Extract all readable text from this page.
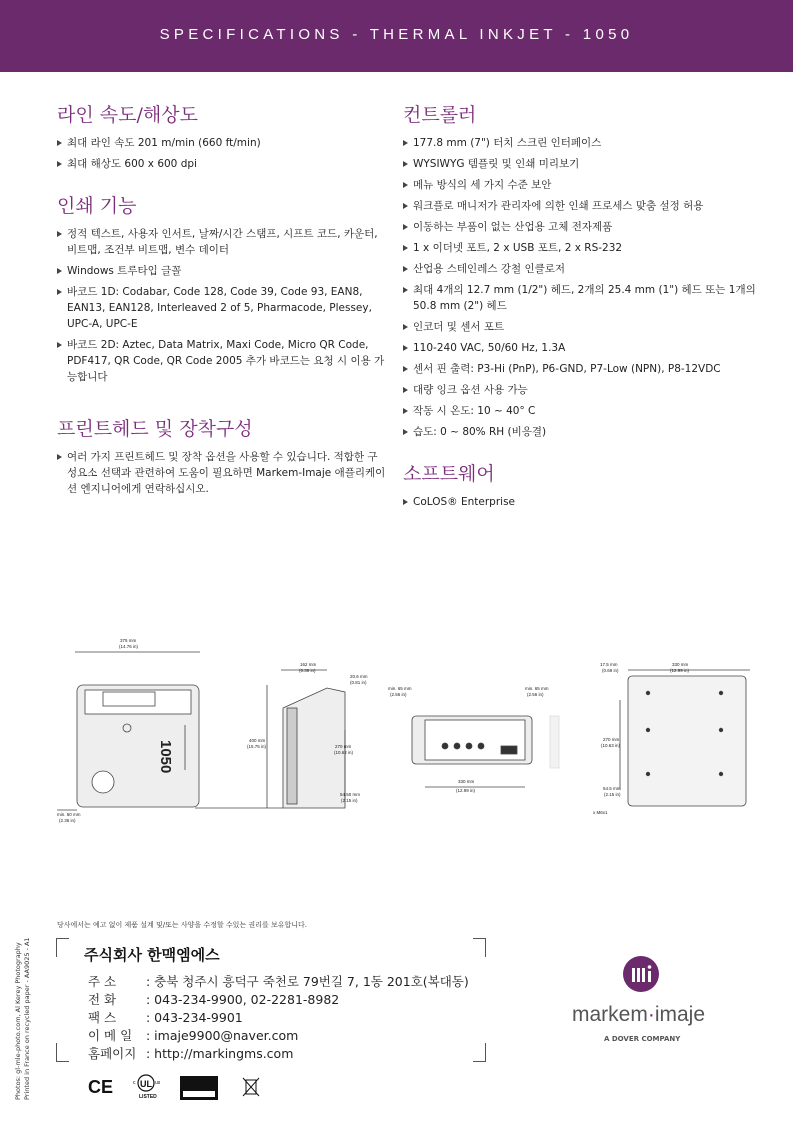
SPECIFICATIONS - THERMAL INKJET - 1050
라인 속도/해상도
최대 라인 속도 201 m/min (660 ft/min)
최대 해상도 600 x 600 dpi
인쇄 기능
정적 텍스트, 사용자 인서트, 날짜/시간 스탬프, 시프트 코드, 카운터, 비트맵, 조건부 비트맵, 변수 데이터
Windows 트루타입 글꼴
바코드 1D: Codabar, Code 128, Code 39, Code 93, EAN8, EAN13, EAN128, Interleaved 2 of 5, Pharmacode, Plessey, UPC-A, UPC-E
바코드 2D: Aztec, Data Matrix, Maxi Code, Micro QR Code, PDF417, QR Code, QR Code 2005 추가 바코드는 요청 시 이용 가능합니다
프린트헤드 및 장착구성
여러 가지 프린트헤드 및 장착 옵션을 사용할 수 있습니다. 적합한 구성요소 선택과 관련하여 도움이 필요하면 Markem-Imaje 애플리케이션 엔지니어에게 연락하십시오.
컨트롤러
177.8 mm (7") 터치 스크린 인터페이스
WYSIWYG 템플릿 및 인쇄 미리보기
메뉴 방식의 세 가지 수준 보안
워크플로 매니저가 관리자에 의한 인쇄 프로세스 맞춤 설정 허용
이동하는 부품이 없는 산업용 고체 전자제품
1 x 이더넷 포트, 2 x USB 포트, 2 x RS-232
산업용 스테인레스 강철 인클로저
최대 4개의 12.7 mm (1/2") 헤드, 2개의 25.4 mm (1") 헤드 또는 1개의 50.8 mm (2") 헤드
인코더 및 센서 포트
110-240 VAC, 50/60 Hz, 1.3A
센서 핀 출력: P3-Hi (PnP), P6-GND, P7-Low (NPN), P8-12VDC
대량 잉크 옵션 사용 가능
작동 시 온도: 10 ~ 40° C
습도: 0 ~ 80% RH (비응결)
소프트웨어
CoLOS® Enterprise
1050
375 mm
(14.76 in)
min. 60 mm
(2.36 in)
162 mm
(6.38 in)
400 mm
(15.75 in)
20.6 mm
(0.81 in)
270 mm
(10.62 in)
54.50 mm
(2.15 in)
min. 65 mm
(2.56 in)
min. 65 mm
(2.56 in)
330 mm
(12.99 in)
17.5 mm
(0.69 in)
330 mm
(12.99 in)
270 mm
(10.63 in)
54.5 mm
(2.15 in)
x M6x1
당사에서는 예고 없이 제품 설계 및/또는 사양을 수정할 수있는 권리를 보유합니다.
주식회사 한맥엠에스
주 소 : 충북 청주시 흥덕구 죽천로 79번길 7, 1동 201호(복대동)
전 화 : 043-234-9900, 02-2281-8982
팩 스 : 043-234-9901
이 메 일 : imaje9900@naver.com
홈페이지 : http://markingms.com
markem·imaje
A DOVER COMPANY
Photos: gl-mle-photo.com, Al Kerey Photography Printed in France on recycled paper - AA9025 - A1	CE	UL
c	us
LISTED
